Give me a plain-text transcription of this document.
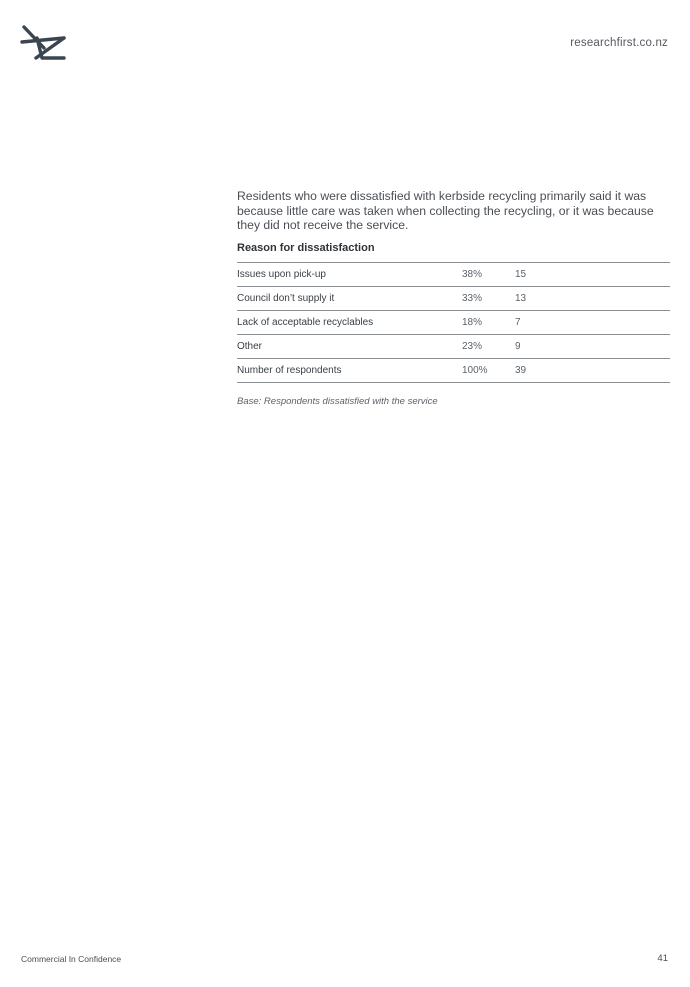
researchfirst.co.nz

Residents who were dissatisfied with kerbside recycling primarily said it was because little care was taken when collecting the recycling, or it was because they did not receive the service.

Reason for dissatisfaction
Issues upon pick-up	38%	15
Council don’t supply it	33%	13
Lack of acceptable recyclables	18%	7
Other	23%	9
Number of respondents	100%	39
Base: Respondents dissatisfied with the service
Commercial In Confidence	41
